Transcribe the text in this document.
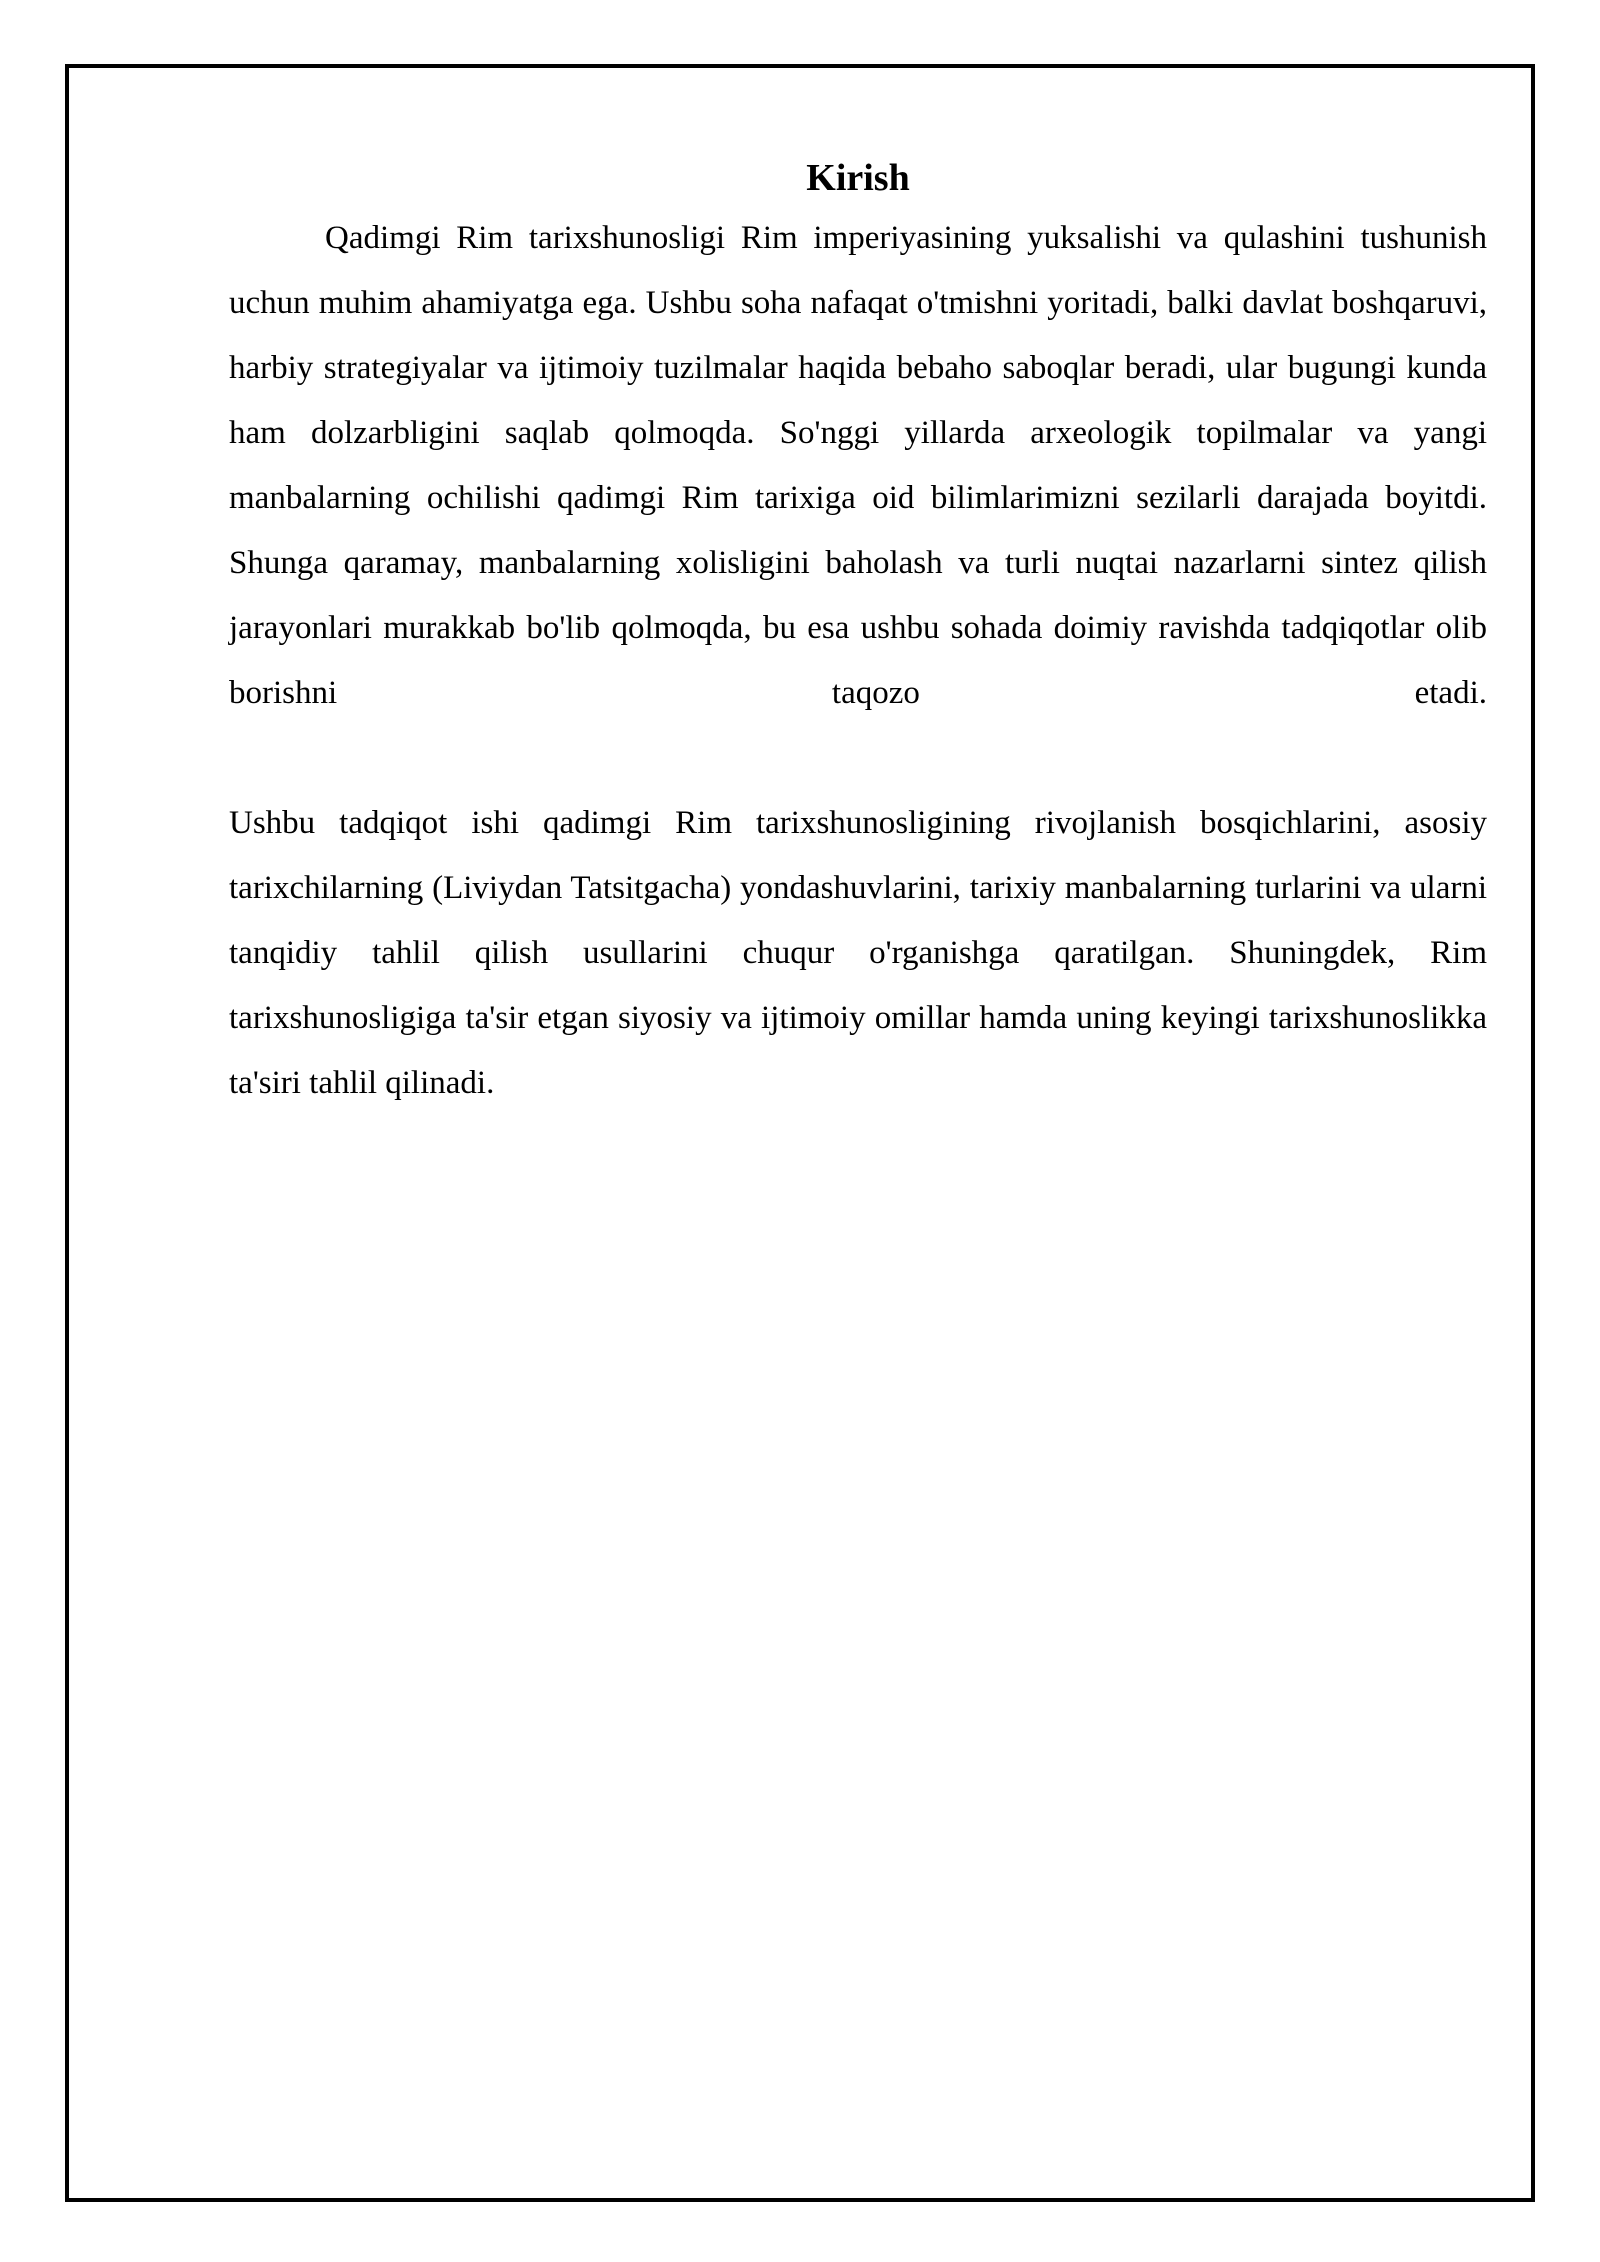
Kirish

Qadimgi Rim tarixshunosligi Rim imperiyasining yuksalishi va qulashini tushunish uchun muhim ahamiyatga ega. Ushbu soha nafaqat o'tmishni yoritadi, balki davlat boshqaruvi, harbiy strategiyalar va ijtimoiy tuzilmalar haqida bebaho saboqlar beradi, ular bugungi kunda ham dolzarbligini saqlab qolmoqda. So'nggi yillarda arxeologik topilmalar va yangi manbalarning ochilishi qadimgi Rim tarixiga oid bilimlarimizni sezilarli darajada boyitdi. Shunga qaramay, manbalarning xolisligini baholash va turli nuqtai nazarlarni sintez qilish jarayonlari murakkab bo'lib qolmoqda, bu esa ushbu sohada doimiy ravishda tadqiqotlar olib borishni taqozo etadi.

Ushbu tadqiqot ishi qadimgi Rim tarixshunosligining rivojlanish bosqichlarini, asosiy tarixchilarning (Liviydan Tatsitgacha) yondashuvlarini, tarixiy manbalarning turlarini va ularni tanqidiy tahlil qilish usullarini chuqur o'rganishga qaratilgan. Shuningdek, Rim tarixshunosligiga ta'sir etgan siyosiy va ijtimoiy omillar hamda uning keyingi tarixshunoslikka ta'siri tahlil qilinadi.
